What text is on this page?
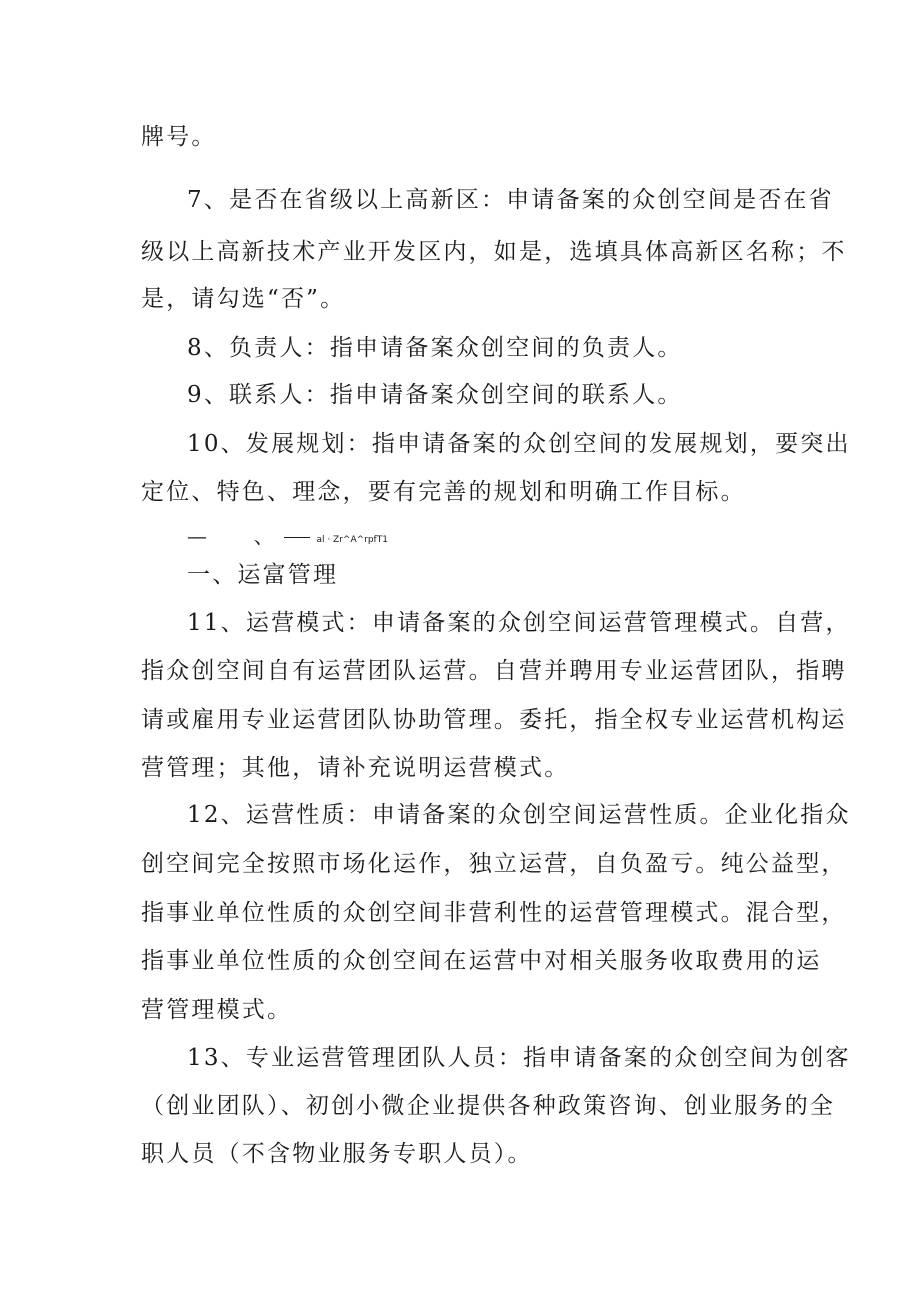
牌号。
7、是否在省级以上高新区：申请备案的众创空间是否在省
级以上高新技术产业开发区内，如是，选填具体高新区名称；不
是，请勾选“否”。
8、负责人：指申请备案众创空间的负责人。
9、联系人：指申请备案众创空间的联系人。
10、发展规划：指申请备案的众创空间的发展规划，要突出
定位、特色、理念，要有完善的规划和明确工作目标。
— 、	al · Zr^A^rpfT1
一、运富管理
11、运营模式：申请备案的众创空间运营管理模式。自营，
指众创空间自有运营团队运营。自营并聘用专业运营团队，指聘
请或雇用专业运营团队协助管理。委托，指全权专业运营机构运
营管理；其他，请补充说明运营模式。
12、运营性质：申请备案的众创空间运营性质。企业化指众
创空间完全按照市场化运作，独立运营，自负盈亏。纯公益型，
指事业单位性质的众创空间非营利性的运营管理模式。混合型，
指事业单位性质的众创空间在运营中对相关服务收取费用的运
营管理模式。
13、专业运营管理团队人员：指申请备案的众创空间为创客
（创业团队）、初创小微企业提供各种政策咨询、创业服务的全
职人员（不含物业服务专职人员）。
